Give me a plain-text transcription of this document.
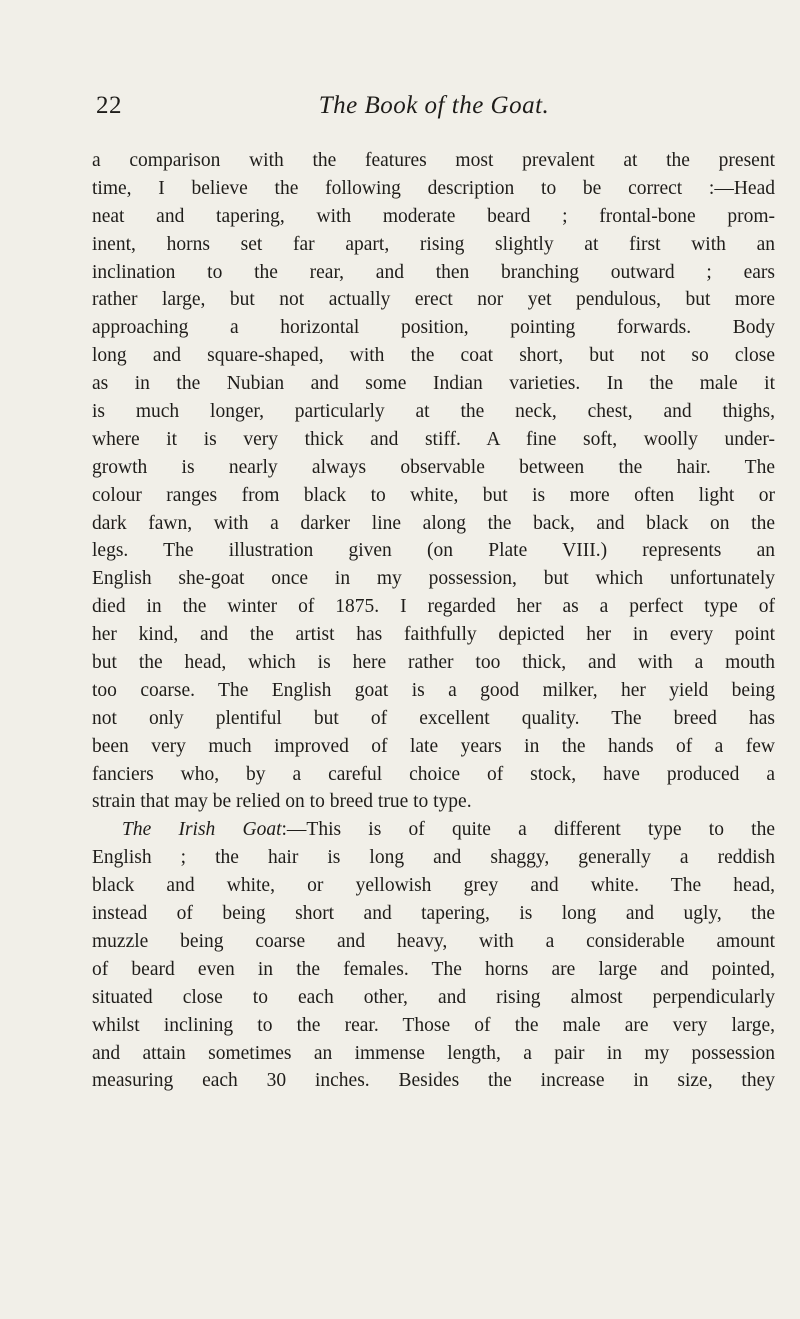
22	The Book of the Goat.
a comparison with the features most prevalent at the present
time, I believe the following description to be correct :—Head
neat and tapering, with moderate beard ; frontal-bone prom-
inent, horns set far apart, rising slightly at first with an
inclination to the rear, and then branching outward ; ears
rather large, but not actually erect nor yet pendulous, but more
approaching a horizontal position, pointing forwards. Body
long and square-shaped, with the coat short, but not so close
as in the Nubian and some Indian varieties. In the male it
is much longer, particularly at the neck, chest, and thighs,
where it is very thick and stiff. A fine soft, woolly under-
growth is nearly always observable between the hair. The
colour ranges from black to white, but is more often light or
dark fawn, with a darker line along the back, and black on the
legs. The illustration given (on Plate VIII.) represents an
English she-goat once in my possession, but which unfortunately
died in the winter of 1875. I regarded her as a perfect type of
her kind, and the artist has faithfully depicted her in every point
but the head, which is here rather too thick, and with a mouth
too coarse. The English goat is a good milker, her yield being
not only plentiful but of excellent quality. The breed has
been very much improved of late years in the hands of a few
fanciers who, by a careful choice of stock, have produced a
strain that may be relied on to breed true to type.
The Irish Goat:—This is of quite a different type to the
English ; the hair is long and shaggy, generally a reddish
black and white, or yellowish grey and white. The head,
instead of being short and tapering, is long and ugly, the
muzzle being coarse and heavy, with a considerable amount
of beard even in the females. The horns are large and pointed,
situated close to each other, and rising almost perpendicularly
whilst inclining to the rear. Those of the male are very large,
and attain sometimes an immense length, a pair in my possession
measuring each 30 inches. Besides the increase in size, they
